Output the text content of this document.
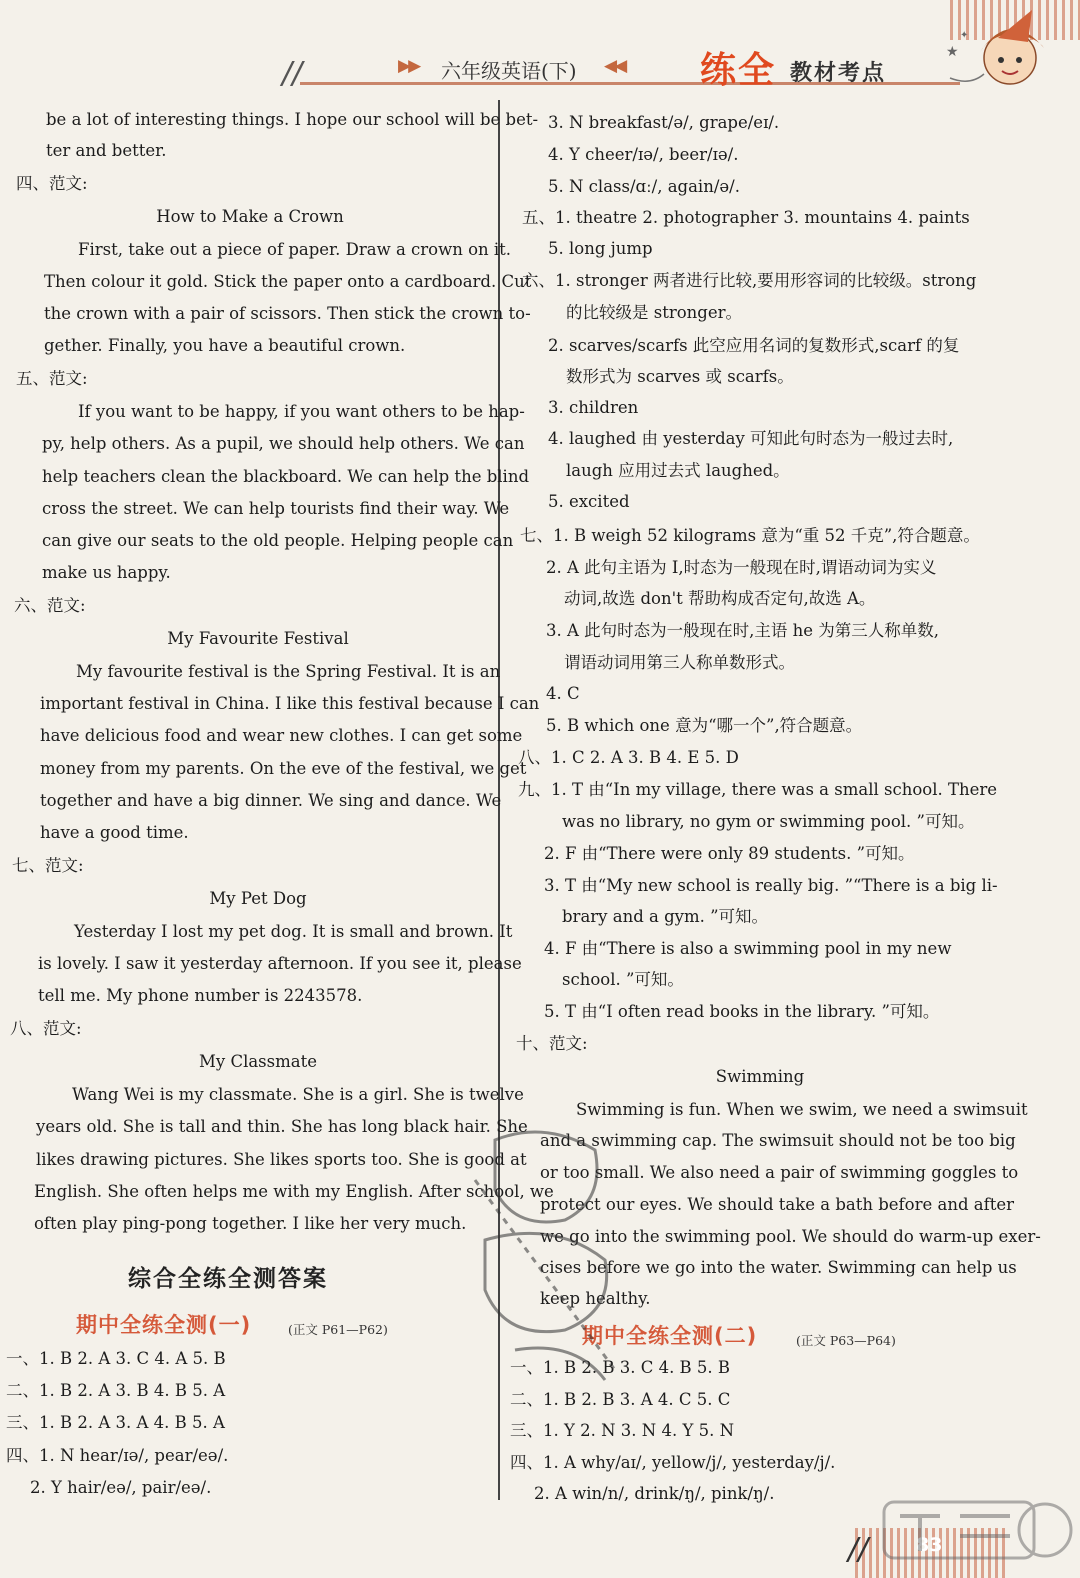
//	▶▶ 六年级英语(下) ◀◀ 练全 教材考点
★
✦
be a lot of interesting things. I hope our school will be bet-
ter and better.
四、范文:
How to Make a Crown
First, take out a piece of paper. Draw a crown on it.
Then colour it gold. Stick the paper onto a cardboard. Cut
the crown with a pair of scissors. Then stick the crown to-
gether. Finally, you have a beautiful crown.
五、范文:
If you want to be happy, if you want others to be hap-
py, help others. As a pupil, we should help others. We can
help teachers clean the blackboard. We can help the blind
cross the street. We can help tourists find their way. We
can give our seats to the old people. Helping people can
make us happy.
六、范文:
My Favourite Festival
My favourite festival is the Spring Festival. It is an
important festival in China. I like this festival because I can
have delicious food and wear new clothes. I can get some
money from my parents. On the eve of the festival, we get
together and have a big dinner. We sing and dance. We
have a good time.
七、范文:
My Pet Dog
Yesterday I lost my pet dog. It is small and brown. It
is lovely. I saw it yesterday afternoon. If you see it, please
tell me. My phone number is 2243578.
八、范文:
My Classmate
Wang Wei is my classmate. She is a girl. She is twelve
years old. She is tall and thin. She has long black hair. She
likes drawing pictures. She likes sports too. She is good at
English. She often helps me with my English. After school, we
often play ping-pong together. I like her very much.
综合全练全测答案
期中全练全测(一)	(正文 P61—P62)
一、1. B 2. A 3. C 4. A 5. B
二、1. B 2. A 3. B 4. B 5. A
三、1. B 2. A 3. A 4. B 5. A
四、1. N hear/ɪə/, pear/eə/.
2. Y hair/eə/, pair/eə/.
3. N breakfast/ə/, grape/eɪ/.
4. Y cheer/ɪə/, beer/ɪə/.
5. N class/ɑː/, again/ə/.
五、1. theatre 2. photographer 3. mountains 4. paints
5. long jump
六、1. stronger 两者进行比较,要用形容词的比较级。strong
的比较级是 stronger。
2. scarves/scarfs 此空应用名词的复数形式,scarf 的复
数形式为 scarves 或 scarfs。
3. children
4. laughed 由 yesterday 可知此句时态为一般过去时,
laugh 应用过去式 laughed。
5. excited
七、1. B weigh 52 kilograms 意为“重 52 千克”,符合题意。
2. A 此句主语为 I,时态为一般现在时,谓语动词为实义
动词,故选 don't 帮助构成否定句,故选 A。
3. A 此句时态为一般现在时,主语 he 为第三人称单数,
谓语动词用第三人称单数形式。
4. C
5. B which one 意为“哪一个”,符合题意。
八、1. C 2. A 3. B 4. E 5. D
九、1. T 由“In my village, there was a small school. There
was no library, no gym or swimming pool. ”可知。
2. F 由“There were only 89 students. ”可知。
3. T 由“My new school is really big. ”“There is a big li-
brary and a gym. ”可知。
4. F 由“There is also a swimming pool in my new
school. ”可知。
5. T 由“I often read books in the library. ”可知。
十、范文:
Swimming
Swimming is fun. When we swim, we need a swimsuit
and a swimming cap. The swimsuit should not be too big
or too small. We also need a pair of swimming goggles to
protect our eyes. We should take a bath before and after
we go into the swimming pool. We should do warm-up exer-
cises before we go into the water. Swimming can help us
keep healthy.
期中全练全测(二)	(正文 P63—P64)
一、1. B 2. B 3. C 4. B 5. B
二、1. B 2. B 3. A 4. C 5. C
三、1. Y 2. N 3. N 4. Y 5. N
四、1. A why/aɪ/, yellow/j/, yesterday/j/.
2. A win/n/, drink/ŋ/, pink/ŋ/.
//	83
